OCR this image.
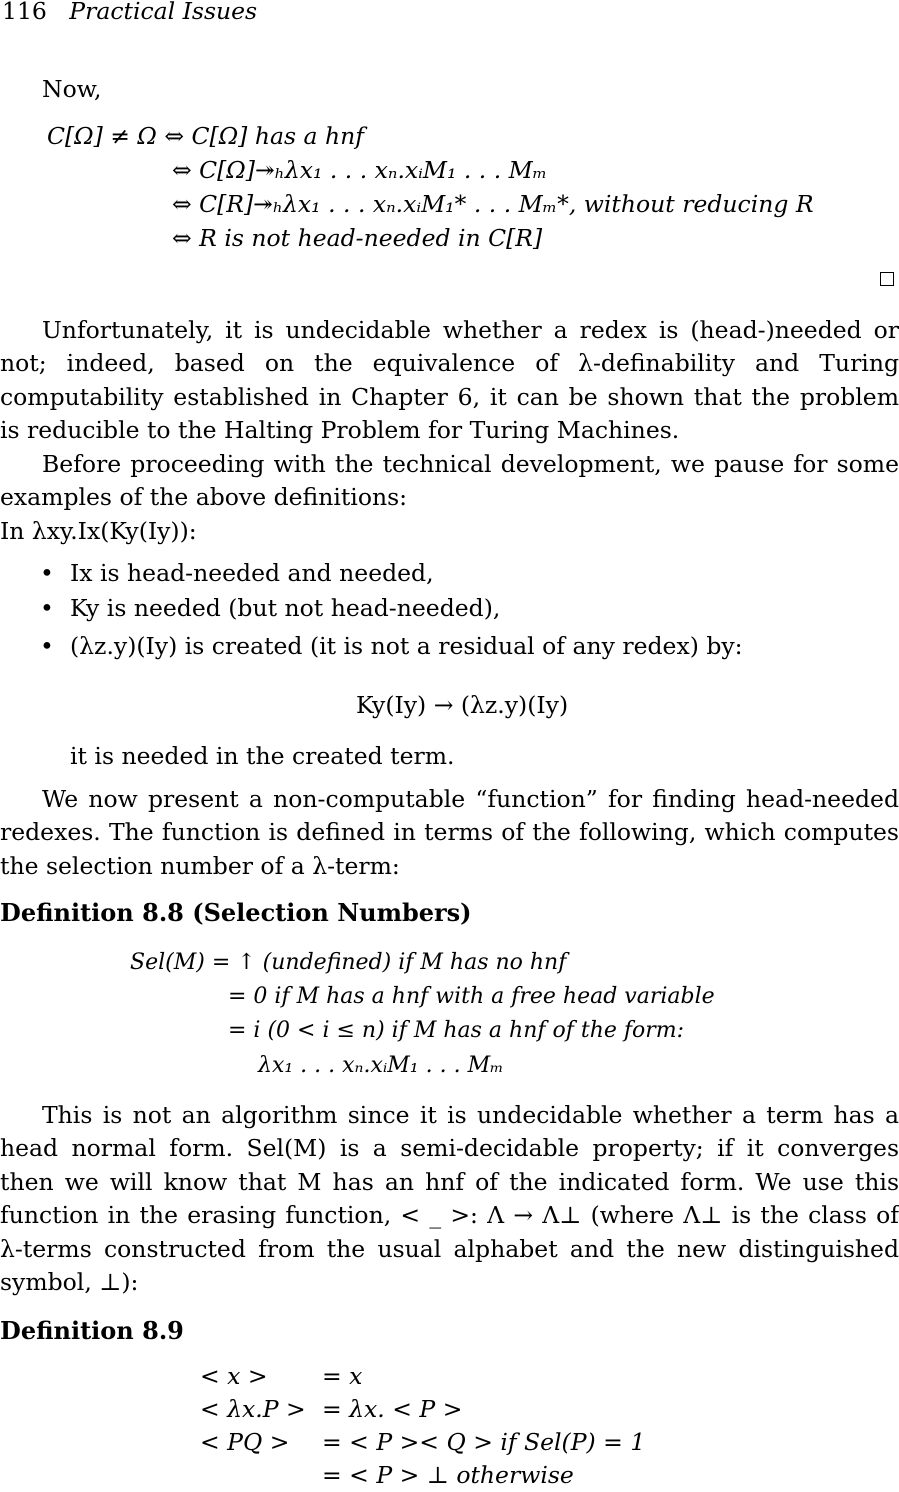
116 Practical Issues
Now,
C[Ω] ≠ Ω ⇔ C[Ω] has a hnf
⇔ C[Ω]↠ₕλx₁ . . . xₙ.xᵢM₁ . . . Mₘ
⇔ C[R]↠ₕλx₁ . . . xₙ.xᵢM₁* . . . Mₘ*, without reducing R
⇔ R is not head-needed in C[R]
Unfortunately, it is undecidable whether a redex is (head-)needed or not; indeed, based on the equivalence of λ-definability and Turing computability established in Chapter 6, it can be shown that the problem is reducible to the Halting Problem for Turing Machines.
Before proceeding with the technical development, we pause for some examples of the above definitions:
In λxy.Ix(Ky(Iy)):
• Ix is head-needed and needed,
• Ky is needed (but not head-needed),
• (λz.y)(Iy) is created (it is not a residual of any redex) by:
Ky(Iy) → (λz.y)(Iy)
it is needed in the created term.
We now present a non-computable “function” for finding head-needed redexes. The function is defined in terms of the following, which computes the selection number of a λ-term:
Definition 8.8 (Selection Numbers)
Sel(M) = ↑ (undefined) if M has no hnf
= 0 if M has a hnf with a free head variable
= i (0 < i ≤ n) if M has a hnf of the form:
λx₁ . . . xₙ.xᵢM₁ . . . Mₘ
This is not an algorithm since it is undecidable whether a term has a head normal form. Sel(M) is a semi-decidable property; if it converges then we will know that M has an hnf of the indicated form. We use this function in the erasing function, < _ >: Λ → Λ⊥ (where Λ⊥ is the class of λ-terms constructed from the usual alphabet and the new distinguished symbol, ⊥):
Definition 8.9
< x > = x
< λx.P > = λx. < P >
< PQ > = < P >< Q > if Sel(P) = 1
= < P > ⊥ otherwise
